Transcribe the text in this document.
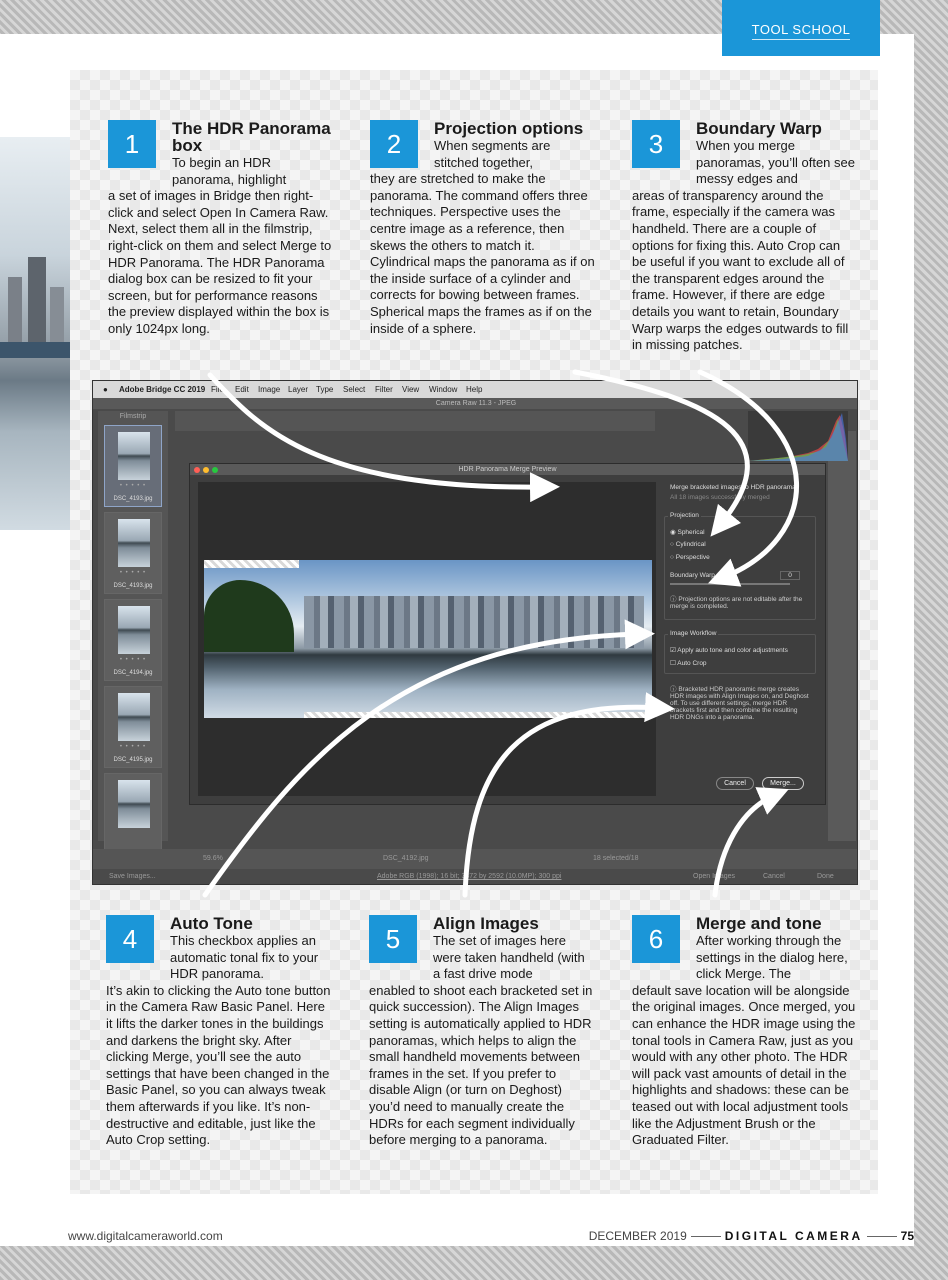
TOOL SCHOOL
1
The HDR Panorama box

To begin an HDR panorama, highlight

a set of images in Bridge then right-click and select Open In Camera Raw. Next, select them all in the filmstrip, right-click on them and select Merge to HDR Panorama. The HDR Panorama dialog box can be resized to fit your screen, but for performance reasons the preview displayed within the box is only 1024px long.

2
Projection options

When segments are stitched together,

they are stretched to make the panorama. The command offers three techniques. Perspective uses the centre image as a reference, then skews the others to match it. Cylindrical maps the panorama as if on the inside surface of a cylinder and corrects for bowing between frames. Spherical maps the frames as if on the inside of a sphere.

3
Boundary Warp

When you merge panoramas, you’ll often see messy edges and

areas of transparency around the frame, especially if the camera was handheld. There are a couple of options for fixing this. Auto Crop can be useful if you want to exclude all of the transparent edges around the frame. However, if there are edge details you want to retain, Boundary Warp warps the edges outwards to fill in missing patches.

4
Auto Tone

This checkbox applies an automatic tonal fix to your HDR panorama.

It’s akin to clicking the Auto tone button in the Camera Raw Basic Panel. Here it lifts the darker tones in the buildings and darkens the bright sky. After clicking Merge, you’ll see the auto settings that have been changed in the Basic Panel, so you can always tweak them afterwards if you like. It’s non-destructive and editable, just like the Auto Crop setting.

5
Align Images

The set of images here were taken handheld (with a fast drive mode

enabled to shoot each bracketed set in quick succession). The Align Images setting is automatically applied to HDR panoramas, which helps to align the small handheld movements between frames in the set. If you prefer to disable Align (or turn on Deghost) you’d need to manually create the HDRs for each segment individually before merging to a panorama.

6
Merge and tone

After working through the settings in the dialog here, click Merge. The

default save location will be alongside the original images. Once merged, you can enhance the HDR image using the tonal tools in Camera Raw, just as you would with any other photo. The HDR will pack vast amounts of detail in the highlights and shadows: these can be teased out with local adjustment tools like the Adjustment Brush or the Graduated Filter.

● Adobe Bridge CC 2019 File Edit Image Layer Type Select Filter View Window Help
Camera Raw 11.3 - JPEG
Filmstrip
• • • • •
DSC_4193.jpg
• • • • •
DSC_4193.jpg
• • • • •
DSC_4194.jpg
• • • • •
DSC_4195.jpg
HDR Panorama Merge Preview
Merge bracketed images to HDR panorama
All 18 images successfully merged
Projection
◉ Spherical
○ Cylindrical
○ Perspective
Boundary Warp	0
ⓘ Projection options are not editable after the merge is completed.
Image Workflow
☑ Apply auto tone and color adjustments
☐ Auto Crop
ⓘ Bracketed HDR panoramic merge creates HDR images with Align Images on, and Deghost off. To use different settings, merge HDR brackets first and then combine the resulting HDR DNGs into a panorama.
Cancel	Merge...
59.6%	DSC_4192.jpg	18 selected/18
Save Images...	Adobe RGB (1998); 16 bit; 3872 by 2592 (10.0MP); 300 ppi	Open Images	Cancel	Done
www.digitalcameraworld.com	DECEMBER 2019	DIGITAL CAMERA	75
